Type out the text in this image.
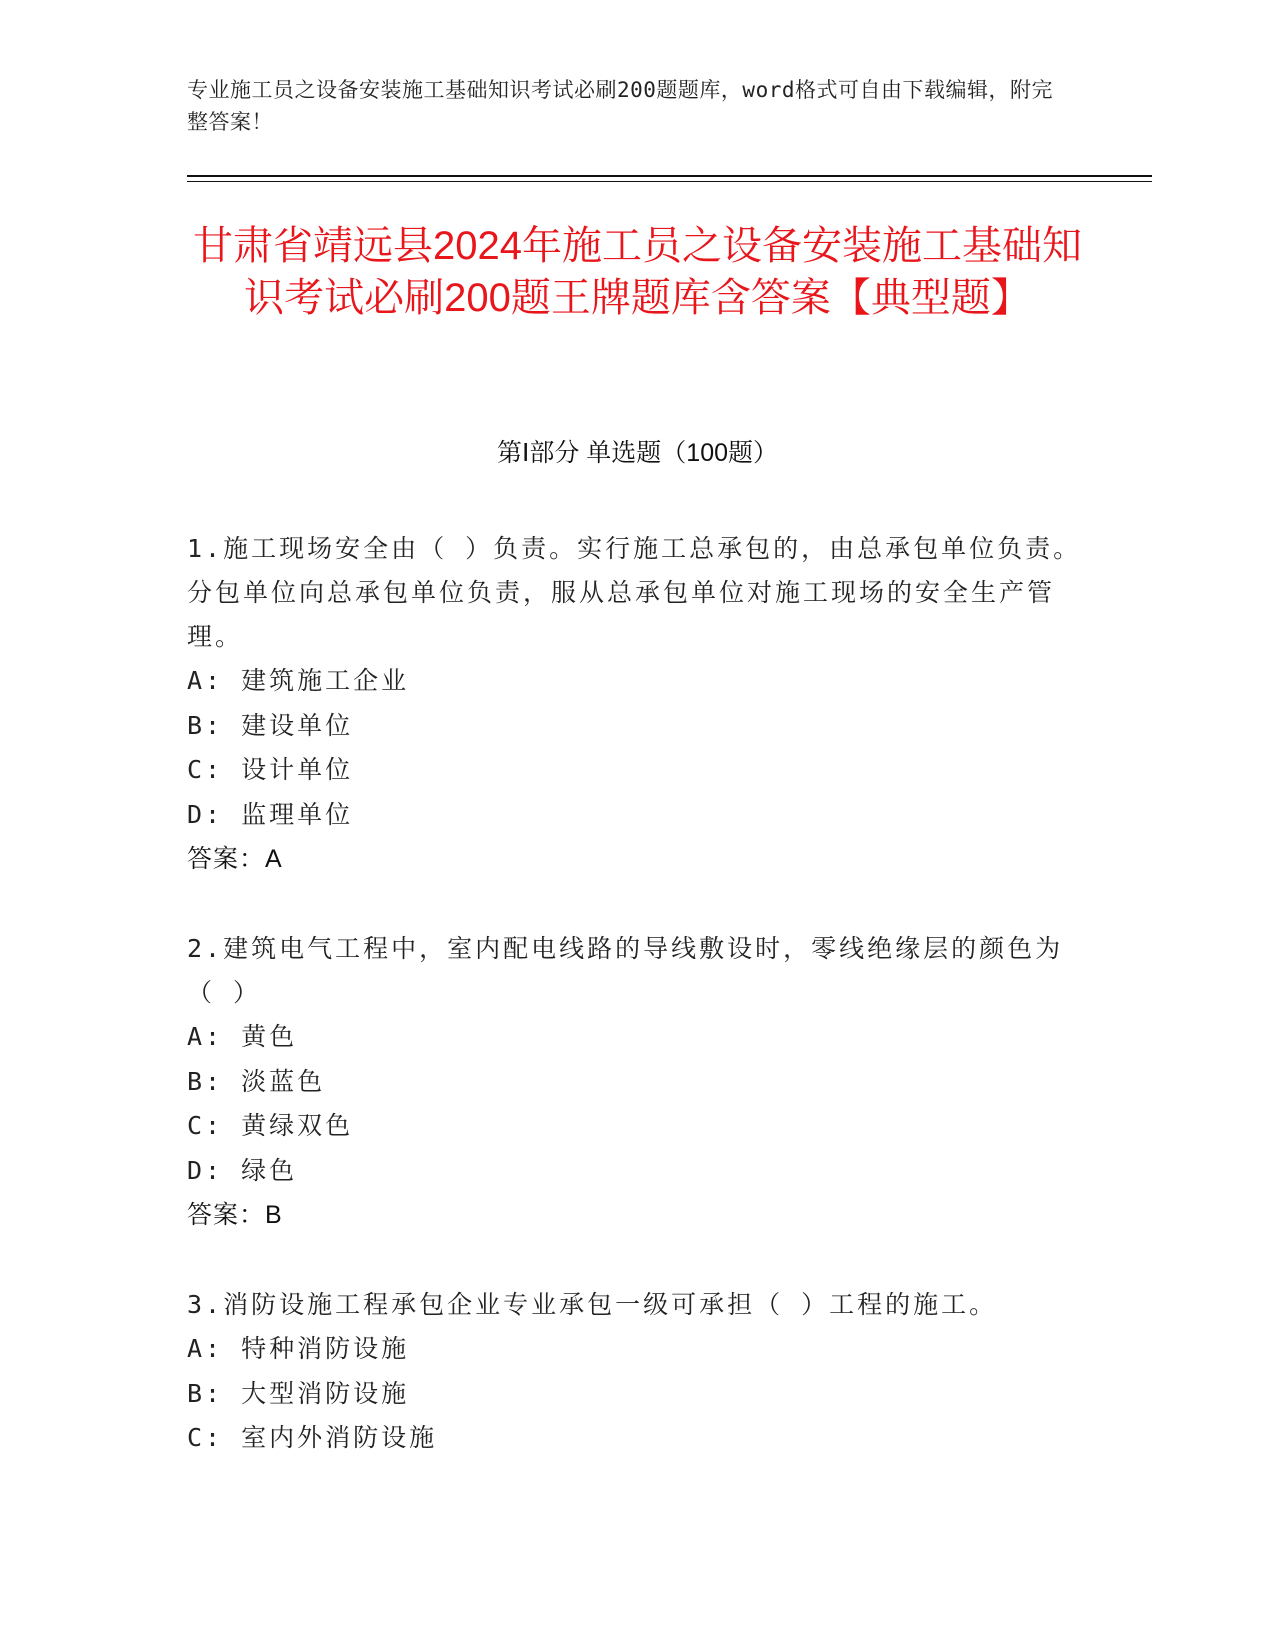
专业施工员之设备安装施工基础知识考试必刷200题题库，word格式可自由下载编辑，附完整答案！
甘肃省靖远县2024年施工员之设备安装施工基础知识考试必刷200题王牌题库含答案【典型题】
第Ⅰ部分 单选题（100题）

1.施工现场安全由（ ）负责。实行施工总承包的，由总承包单位负责。分包单位向总承包单位负责，服从总承包单位对施工现场的安全生产管理。

A: 建筑施工企业

B: 建设单位

C: 设计单位

D: 监理单位

答案：A

2.建筑电气工程中，室内配电线路的导线敷设时，零线绝缘层的颜色为（ ）

A: 黄色

B: 淡蓝色

C: 黄绿双色

D: 绿色

答案：B

3.消防设施工程承包企业专业承包一级可承担（ ）工程的施工。

A: 特种消防设施

B: 大型消防设施

C: 室内外消防设施
